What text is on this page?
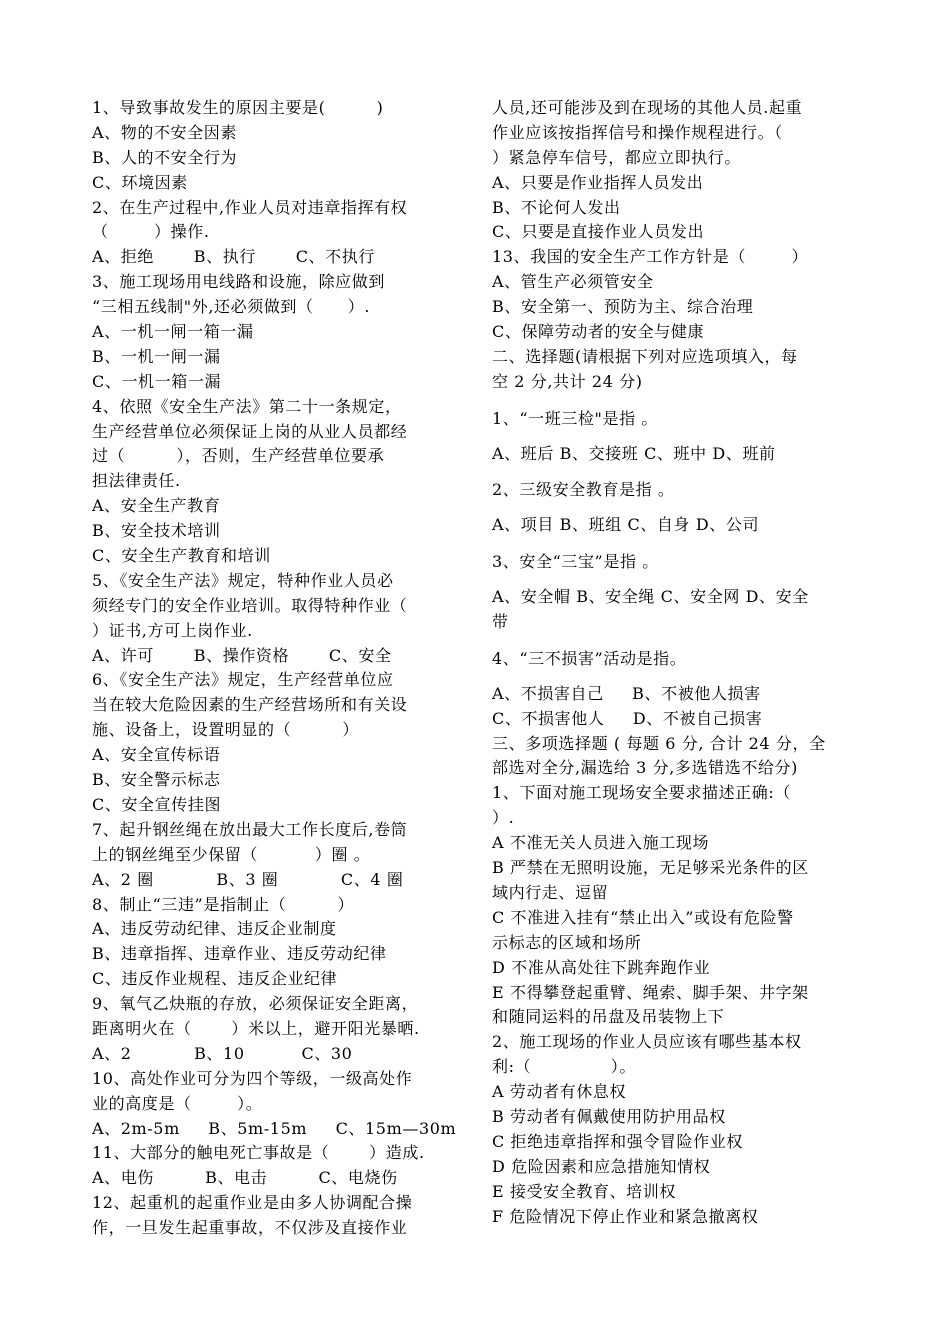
1、导致事故发生的原因主要是(         )
A、物的不安全因素
B、人的不安全行为
C、环境因素
2、在生产过程中,作业人员对违章指挥有权
（        ）操作.
A、拒绝       B、执行       C、不执行
3、施工现场用电线路和设施，除应做到
“三相五线制"外,还必须做到（      ）.
A、一机一闸一箱一漏
B、一机一闸一漏
C、一机一箱一漏
4、依照《安全生产法》第二十一条规定，
生产经营单位必须保证上岗的从业人员都经
过（         ），否则，生产经营单位要承
担法律责任.
A、安全生产教育
B、安全技术培训
C、安全生产教育和培训
5、《安全生产法》规定，特种作业人员必
须经专门的安全作业培训。取得特种作业（
）证书,方可上岗作业.
A、许可       B、操作资格       C、安全
6、《安全生产法》规定，生产经营单位应
当在较大危险因素的生产经营场所和有关设
施、设备上，设置明显的（         ）
A、安全宣传标语
B、安全警示标志
C、安全宣传挂图
7、起升钢丝绳在放出最大工作长度后,卷筒
上的钢丝绳至少保留（          ）圈 。
A、2 圈           B、3 圈           C、4 圈
8、制止“三违”是指制止（         ）
A、违反劳动纪律、违反企业制度
B、违章指挥、违章作业、违反劳动纪律
C、违反作业规程、违反企业纪律
9、氧气乙炔瓶的存放，必须保证安全距离，
距离明火在（       ）米以上，避开阳光暴晒.
A、2           B、10          C、30
10、高处作业可分为四个等级，一级高处作
业的高度是（        ）。
A、2m-5m     B、5m-15m     C、15m—30m
11、大部分的触电死亡事故是（       ）造成.
A、电伤         B、电击         C、电烧伤
12、起重机的起重作业是由多人协调配合操
作，一旦发生起重事故，不仅涉及直接作业
人员,还可能涉及到在现场的其他人员.起重
作业应该按指挥信号和操作规程进行。（
）紧急停车信号，都应立即执行。
A、只要是作业指挥人员发出
B、不论何人发出
C、只要是直接作业人员发出
13、我国的安全生产工作方针是（        ）
A、管生产必须管安全
B、安全第一、预防为主、综合治理
C、保障劳动者的安全与健康
二、选择题(请根据下列对应选项填入，每
空 2 分,共计 24 分)
1、“一班三检"是指 。
A、班后 B、交接班 C、班中 D、班前
2、三级安全教育是指 。
A、项目 B、班组 C、自身 D、公司
3、安全“三宝”是指 。
A、安全帽 B、安全绳 C、安全网 D、安全
带
4、“三不损害”活动是指。
A、不损害自己     B、不被他人损害
C、不损害他人     D、不被自己损害
三、多项选择题 ( 每题 6 分, 合计 24 分，全
部选对全分,漏选给 3 分,多选错选不给分)
1、下面对施工现场安全要求描述正确:（
）.
A 不准无关人员进入施工现场
B 严禁在无照明设施，无足够采光条件的区
域内行走、逗留
C 不准进入挂有“禁止出入”或设有危险警
示标志的区域和场所
D 不准从高处往下跳奔跑作业
E 不得攀登起重臂、绳索、脚手架、井字架
和随同运料的吊盘及吊装物上下
2、施工现场的作业人员应该有哪些基本权
利:（              ）。
A 劳动者有休息权
B 劳动者有佩戴使用防护用品权
C 拒绝违章指挥和强令冒险作业权
D 危险因素和应急措施知情权
E 接受安全教育、培训权
F 危险情况下停止作业和紧急撤离权
